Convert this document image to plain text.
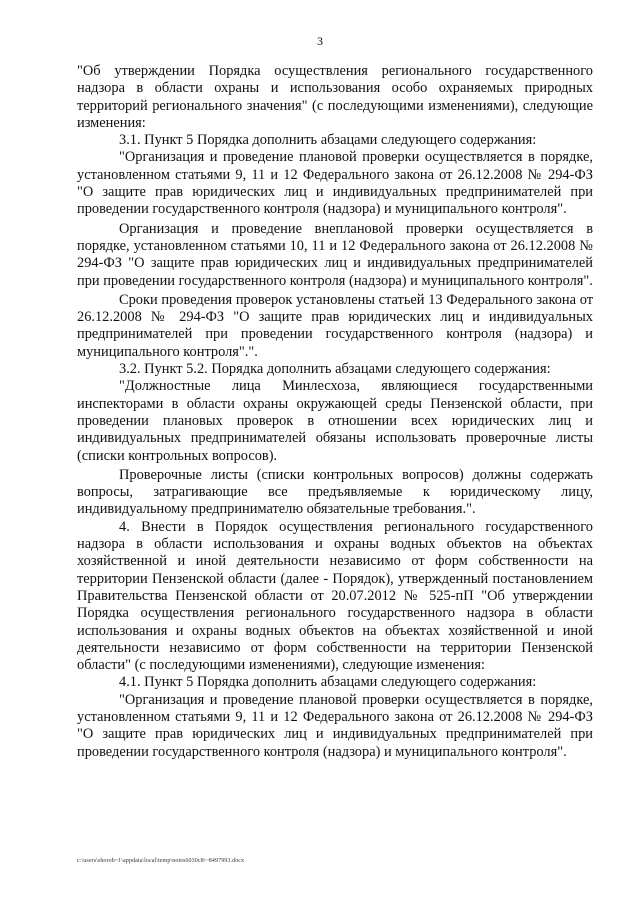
3

"Об утверждении Порядка осуществления регионального государственного надзора в области охраны и использования особо охраняемых природных территорий регионального значения" (с последующими изменениями), следующие изменения:

3.1. Пункт 5 Порядка дополнить абзацами следующего содержания:

"Организация и проведение плановой проверки осуществляется в порядке, установленном статьями 9, 11 и 12 Федерального закона от 26.12.2008 № 294-ФЗ "О защите прав юридических лиц и индивидуальных предпринимателей при проведении государственного контроля (надзора) и муниципального контроля".

Организация и проведение внеплановой проверки осуществляется в порядке, установленном статьями 10, 11 и 12 Федерального закона от 26.12.2008 № 294-ФЗ "О защите прав юридических лиц и индивидуальных предпринимателей при проведении государственного контроля (надзора) и муниципального контроля".

Сроки проведения проверок установлены статьей 13 Федерального закона от 26.12.2008 № 294-ФЗ "О защите прав юридических лиц и индивидуальных предпринимателей при проведении государственного контроля (надзора) и муниципального контроля".".

3.2. Пункт 5.2. Порядка дополнить абзацами следующего содержания:

"Должностные лица Минлесхоза, являющиеся государственными инспекторами в области охраны окружающей среды Пензенской области, при проведении плановых проверок в отношении всех юридических лиц и индивидуальных предпринимателей обязаны использовать проверочные листы (списки контрольных вопросов).

Проверочные листы (списки контрольных вопросов) должны содержать вопросы, затрагивающие все предъявляемые к юридическому лицу, индивидуальному предпринимателю обязательные требования.".

4. Внести в Порядок осуществления регионального государственного надзора в области использования и охраны водных объектов на объектах хозяйственной и иной деятельности независимо от форм собственности на территории Пензенской области (далее - Порядок), утвержденный постановлением Правительства Пензенской области от 20.07.2012 № 525-пП "Об утверждении Порядка осуществления регионального государственного надзора в области использования и охраны водных объектов на объектах хозяйственной и иной деятельности независимо от форм собственности на территории Пензенской области" (с последующими изменениями), следующие изменения:

4.1. Пункт 5 Порядка дополнить абзацами следующего содержания:

"Организация и проведение плановой проверки осуществляется в порядке, установленном статьями 9, 11 и 12 Федерального закона от 26.12.2008 № 294-ФЗ "О защите прав юридических лиц и индивидуальных предпринимателей при проведении государственного контроля (надзора) и муниципального контроля".

c:\users\shorob~1\appdata\local\temp\notes6030c8\~8497993.docx
